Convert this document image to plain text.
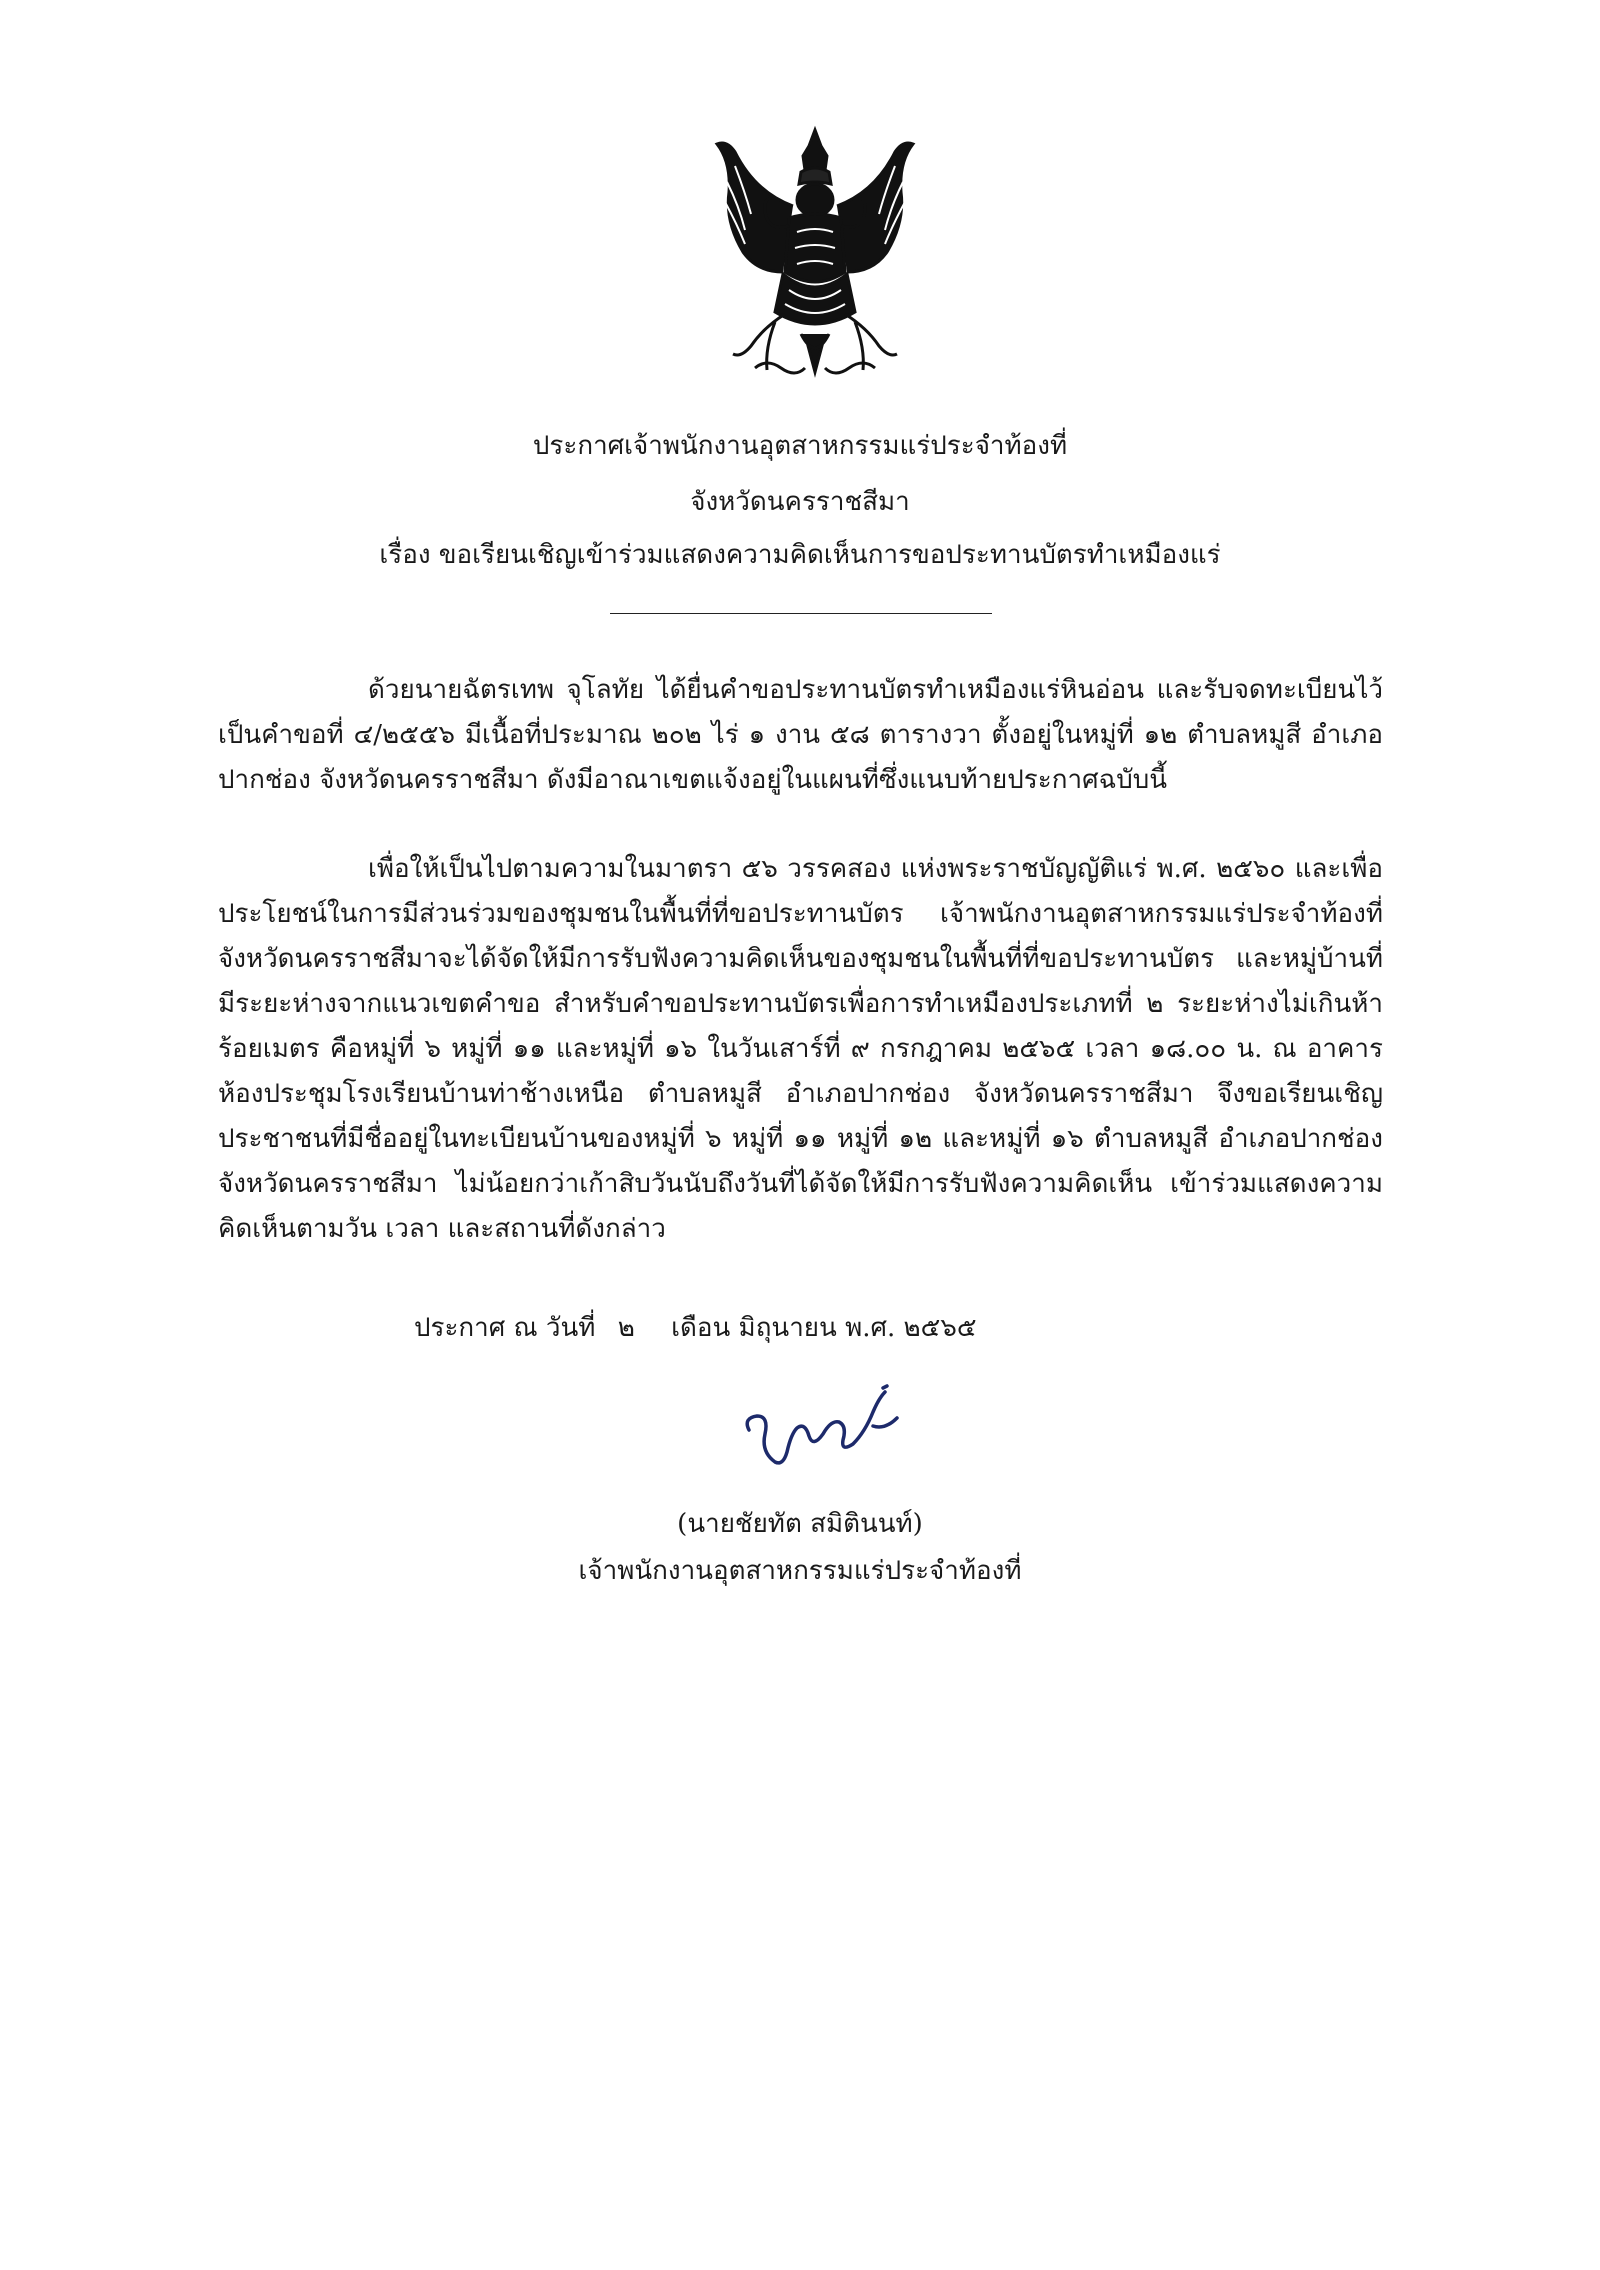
ประกาศเจ้าพนักงานอุตสาหกรรมแร่ประจำท้องที่
จังหวัดนครราชสีมา
เรื่อง ขอเรียนเชิญเข้าร่วมแสดงความคิดเห็นการขอประทานบัตรทำเหมืองแร่

ด้วยนายฉัตรเทพ จุโลทัย ได้ยื่นคำขอประทานบัตรทำเหมืองแร่หินอ่อน และรับจดทะเบียนไว้เป็นคำขอที่ ๔/๒๕๕๖ มีเนื้อที่ประมาณ ๒๐๒ ไร่ ๑ งาน ๕๘ ตารางวา ตั้งอยู่ในหมู่ที่ ๑๒ ตำบลหมูสี อำเภอปากช่อง จังหวัดนครราชสีมา ดังมีอาณาเขตแจ้งอยู่ในแผนที่ซึ่งแนบท้ายประกาศฉบับนี้

เพื่อให้เป็นไปตามความในมาตรา ๕๖ วรรคสอง แห่งพระราชบัญญัติแร่ พ.ศ. ๒๕๖๐ และเพื่อประโยชน์ในการมีส่วนร่วมของชุมชนในพื้นที่ที่ขอประทานบัตร เจ้าพนักงานอุตสาหกรรมแร่ประจำท้องที่จังหวัดนครราชสีมาจะได้จัดให้มีการรับฟังความคิดเห็นของชุมชนในพื้นที่ที่ขอประทานบัตร และหมู่บ้านที่มีระยะห่างจากแนวเขตคำขอ สำหรับคำขอประทานบัตรเพื่อการทำเหมืองประเภทที่ ๒ ระยะห่างไม่เกินห้าร้อยเมตร คือหมู่ที่ ๖ หมู่ที่ ๑๑ และหมู่ที่ ๑๖ ในวันเสาร์ที่ ๙ กรกฎาคม ๒๕๖๕ เวลา ๑๘.๐๐ น. ณ อาคารห้องประชุมโรงเรียนบ้านท่าช้างเหนือ ตำบลหมูสี อำเภอปากช่อง จังหวัดนครราชสีมา จึงขอเรียนเชิญประชาชนที่มีชื่ออยู่ในทะเบียนบ้านของหมู่ที่ ๖ หมู่ที่ ๑๑ หมู่ที่ ๑๒ และหมู่ที่ ๑๖ ตำบลหมูสี อำเภอปากช่อง จังหวัดนครราชสีมา ไม่น้อยกว่าเก้าสิบวันนับถึงวันที่ได้จัดให้มีการรับฟังความคิดเห็น เข้าร่วมแสดงความคิดเห็นตามวัน เวลา และสถานที่ดังกล่าว

ประกาศ ณ วันที่ ๒ เดือน มิถุนายน พ.ศ. ๒๕๖๕
(นายชัยทัต สมิตินนท์)
เจ้าพนักงานอุตสาหกรรมแร่ประจำท้องที่
